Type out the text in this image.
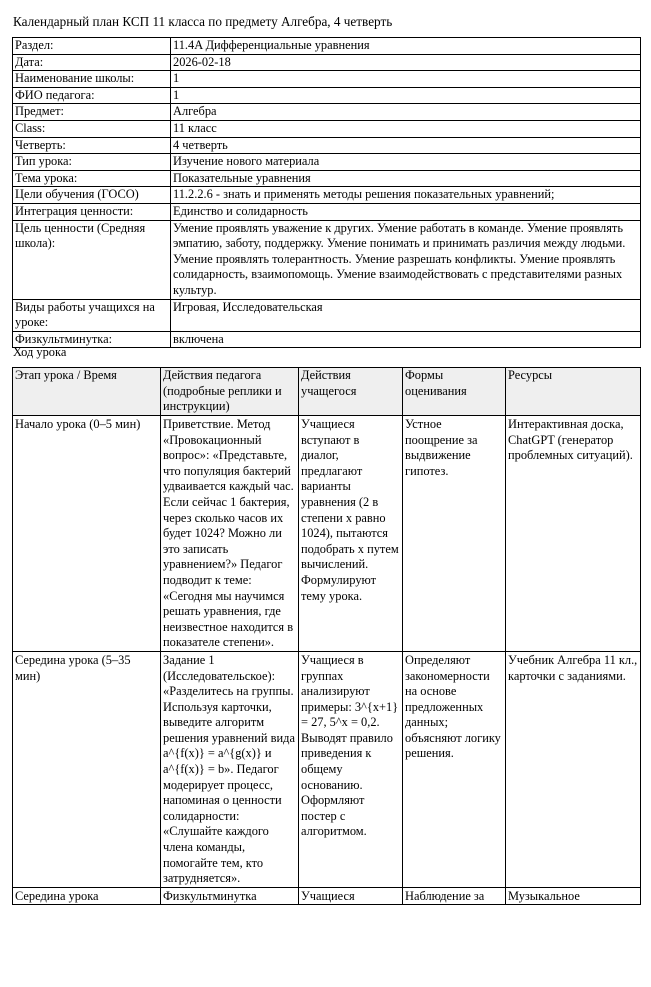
Календарный план КСП 11 класса по предмету Алгебра, 4 четверть
Раздел:	11.4A Дифференциальные уравнения
Дата:	2026-02-18
Наименование школы:	1
ФИО педагога:	1
Предмет:	Алгебра
Class:	11 класс
Четверть:	4 четверть
Тип урока:	Изучение нового материала
Тема урока:	Показательные уравнения
Цели обучения (ГОСО)	11.2.2.6 - знать и применять методы решения показательных уравнений;
Интеграция ценности:	Единство и солидарность
Цель ценности (Средняя школа):	Умение проявлять уважение к других. Умение работать в команде. Умение проявлять эмпатию, заботу, поддержку. Умение понимать и принимать различия между людьми. Умение проявлять толерантность. Умение разрешать конфликты. Умение проявлять солидарность, взаимопомощь. Умение взаимодействовать с представителями разных культур.
Виды работы учащихся на уроке:	Игровая, Исследовательская
Физкультминутка:	включена
Ход урока
Этап урока / Время	Действия педагога (подробные реплики и инструкции)	Действия учащегося	Формы оценивания	Ресурсы
Начало урока (0–5 мин)	Приветствие. Метод «Провокационный вопрос»: «Представьте, что популяция бактерий удваивается каждый час. Если сейчас 1 бактерия, через сколько часов их будет 1024? Можно ли это записать уравнением?» Педагог подводит к теме: «Сегодня мы научимся решать уравнения, где неизвестное находится в показателе степени».	Учащиеся вступают в диалог, предлагают варианты уравнения (2 в степени x равно 1024), пытаются подобрать x путем вычислений. Формулируют тему урока.	Устное поощрение за выдвижение гипотез.	Интерактивная доска, ChatGPT (генератор проблемных ситуаций).
Середина урока (5–35 мин)	Задание 1 (Исследовательское): «Разделитесь на группы. Используя карточки, выведите алгоритм решения уравнений вида a^{f(x)} = a^{g(x)} и a^{f(x)} = b». Педагог модерирует процесс, напоминая о ценности солидарности: «Слушайте каждого члена команды, помогайте тем, кто затрудняется».	Учащиеся в группах анализируют примеры: 3^{x+1} = 27, 5^x = 0,2. Выводят правило приведения к общему основанию. Оформляют постер с алгоритмом.	Определяют закономерности на основе предложенных данных; объясняют логику решения.	Учебник Алгебра 11 кл., карточки с заданиями.
Середина урока	Физкультминутка	Учащиеся	Наблюдение за	Музыкальное
